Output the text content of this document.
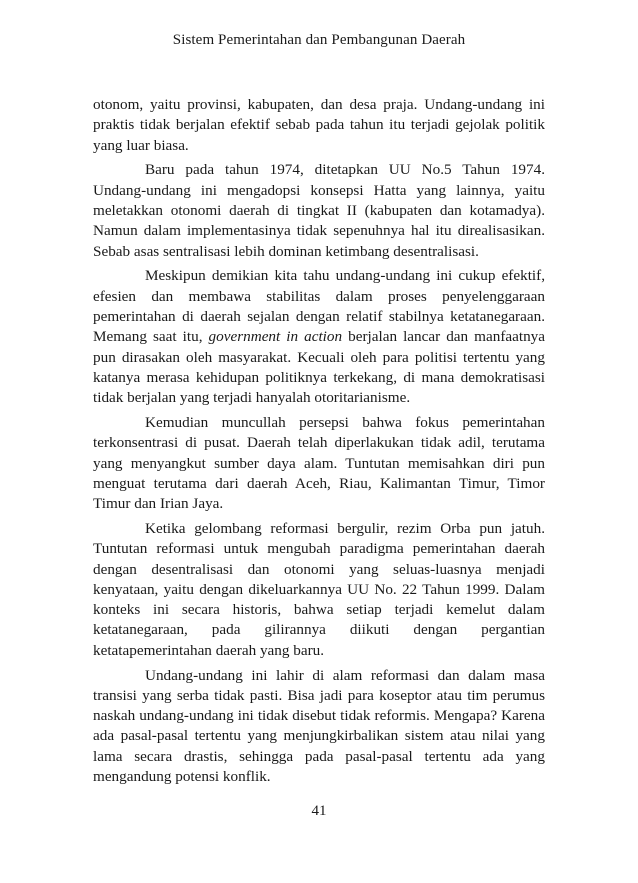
Sistem Pemerintahan dan Pembangunan Daerah

otonom, yaitu provinsi, kabupaten, dan desa praja. Undang-undang ini praktis tidak berjalan efektif sebab pada tahun itu terjadi gejolak politik yang luar biasa.

Baru pada tahun 1974, ditetapkan UU No.5 Tahun 1974. Undang-undang ini mengadopsi konsepsi Hatta yang lainnya, yaitu meletakkan otonomi daerah di tingkat II (kabupaten dan kotamadya). Namun dalam implementasinya tidak sepenuhnya hal itu direalisasikan. Sebab asas sentralisasi lebih dominan ketimbang desentralisasi.

Meskipun demikian kita tahu undang-undang ini cukup efektif, efesien dan membawa stabilitas dalam proses penyelenggaraan pemerintahan di daerah sejalan dengan relatif stabilnya ketatanegaraan. Memang saat itu, government in action berjalan lancar dan manfaatnya pun dirasakan oleh masyarakat. Kecuali oleh para politisi tertentu yang katanya merasa kehidupan politiknya terkekang, di mana demokratisasi tidak berjalan yang terjadi hanyalah otoritarianisme.

Kemudian muncullah persepsi bahwa fokus pemerintahan terkonsentrasi di pusat. Daerah telah diperlakukan tidak adil, terutama yang menyangkut sumber daya alam. Tuntutan memisahkan diri pun menguat terutama dari daerah Aceh, Riau, Kalimantan Timur, Timor Timur dan Irian Jaya.

Ketika gelombang reformasi bergulir, rezim Orba pun jatuh. Tuntutan reformasi untuk mengubah paradigma pemerintahan daerah dengan desentralisasi dan otonomi yang seluas-luasnya menjadi kenyataan, yaitu dengan dikeluarkannya UU No. 22 Tahun 1999. Dalam konteks ini secara historis, bahwa setiap terjadi kemelut dalam ketatanegaraan, pada gilirannya diikuti dengan pergantian ketatapemerintahan daerah yang baru.

Undang-undang ini lahir di alam reformasi dan dalam masa transisi yang serba tidak pasti. Bisa jadi para koseptor atau tim perumus naskah undang-undang ini tidak disebut tidak reformis. Mengapa? Karena ada pasal-pasal tertentu yang menjungkirbalikan sistem atau nilai yang lama secara drastis, sehingga pada pasal-pasal tertentu ada yang mengandung potensi konflik.

41
